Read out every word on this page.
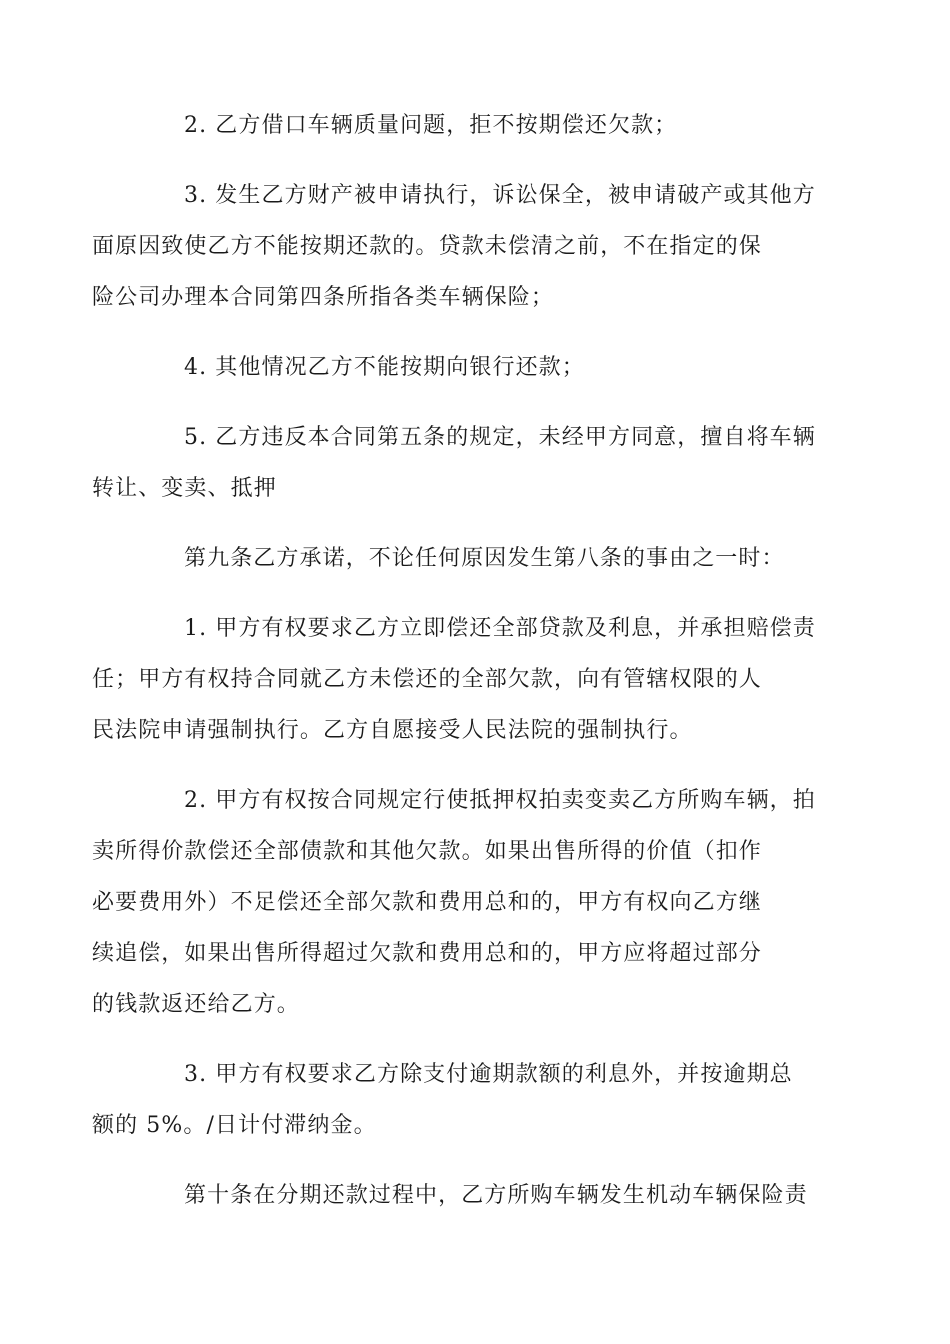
2. 乙方借口车辆质量问题，拒不按期偿还欠款；
3. 发生乙方财产被申请执行，诉讼保全，被申请破产或其他方
面原因致使乙方不能按期还款的。贷款未偿清之前，不在指定的保
险公司办理本合同第四条所指各类车辆保险；
4. 其他情况乙方不能按期向银行还款；
5. 乙方违反本合同第五条的规定，未经甲方同意，擅自将车辆
转让、变卖、抵押
第九条乙方承诺，不论任何原因发生第八条的事由之一时：
1. 甲方有权要求乙方立即偿还全部贷款及利息，并承担赔偿责
任；甲方有权持合同就乙方未偿还的全部欠款，向有管辖权限的人
民法院申请强制执行。乙方自愿接受人民法院的强制执行。
2. 甲方有权按合同规定行使抵押权拍卖变卖乙方所购车辆，拍
卖所得价款偿还全部债款和其他欠款。如果出售所得的价值（扣作
必要费用外）不足偿还全部欠款和费用总和的，甲方有权向乙方继
续追偿，如果出售所得超过欠款和费用总和的，甲方应将超过部分
的钱款返还给乙方。
3. 甲方有权要求乙方除支付逾期款额的利息外，并按逾期总
额的 5%。/日计付滞纳金。
第十条在分期还款过程中，乙方所购车辆发生机动车辆保险责
